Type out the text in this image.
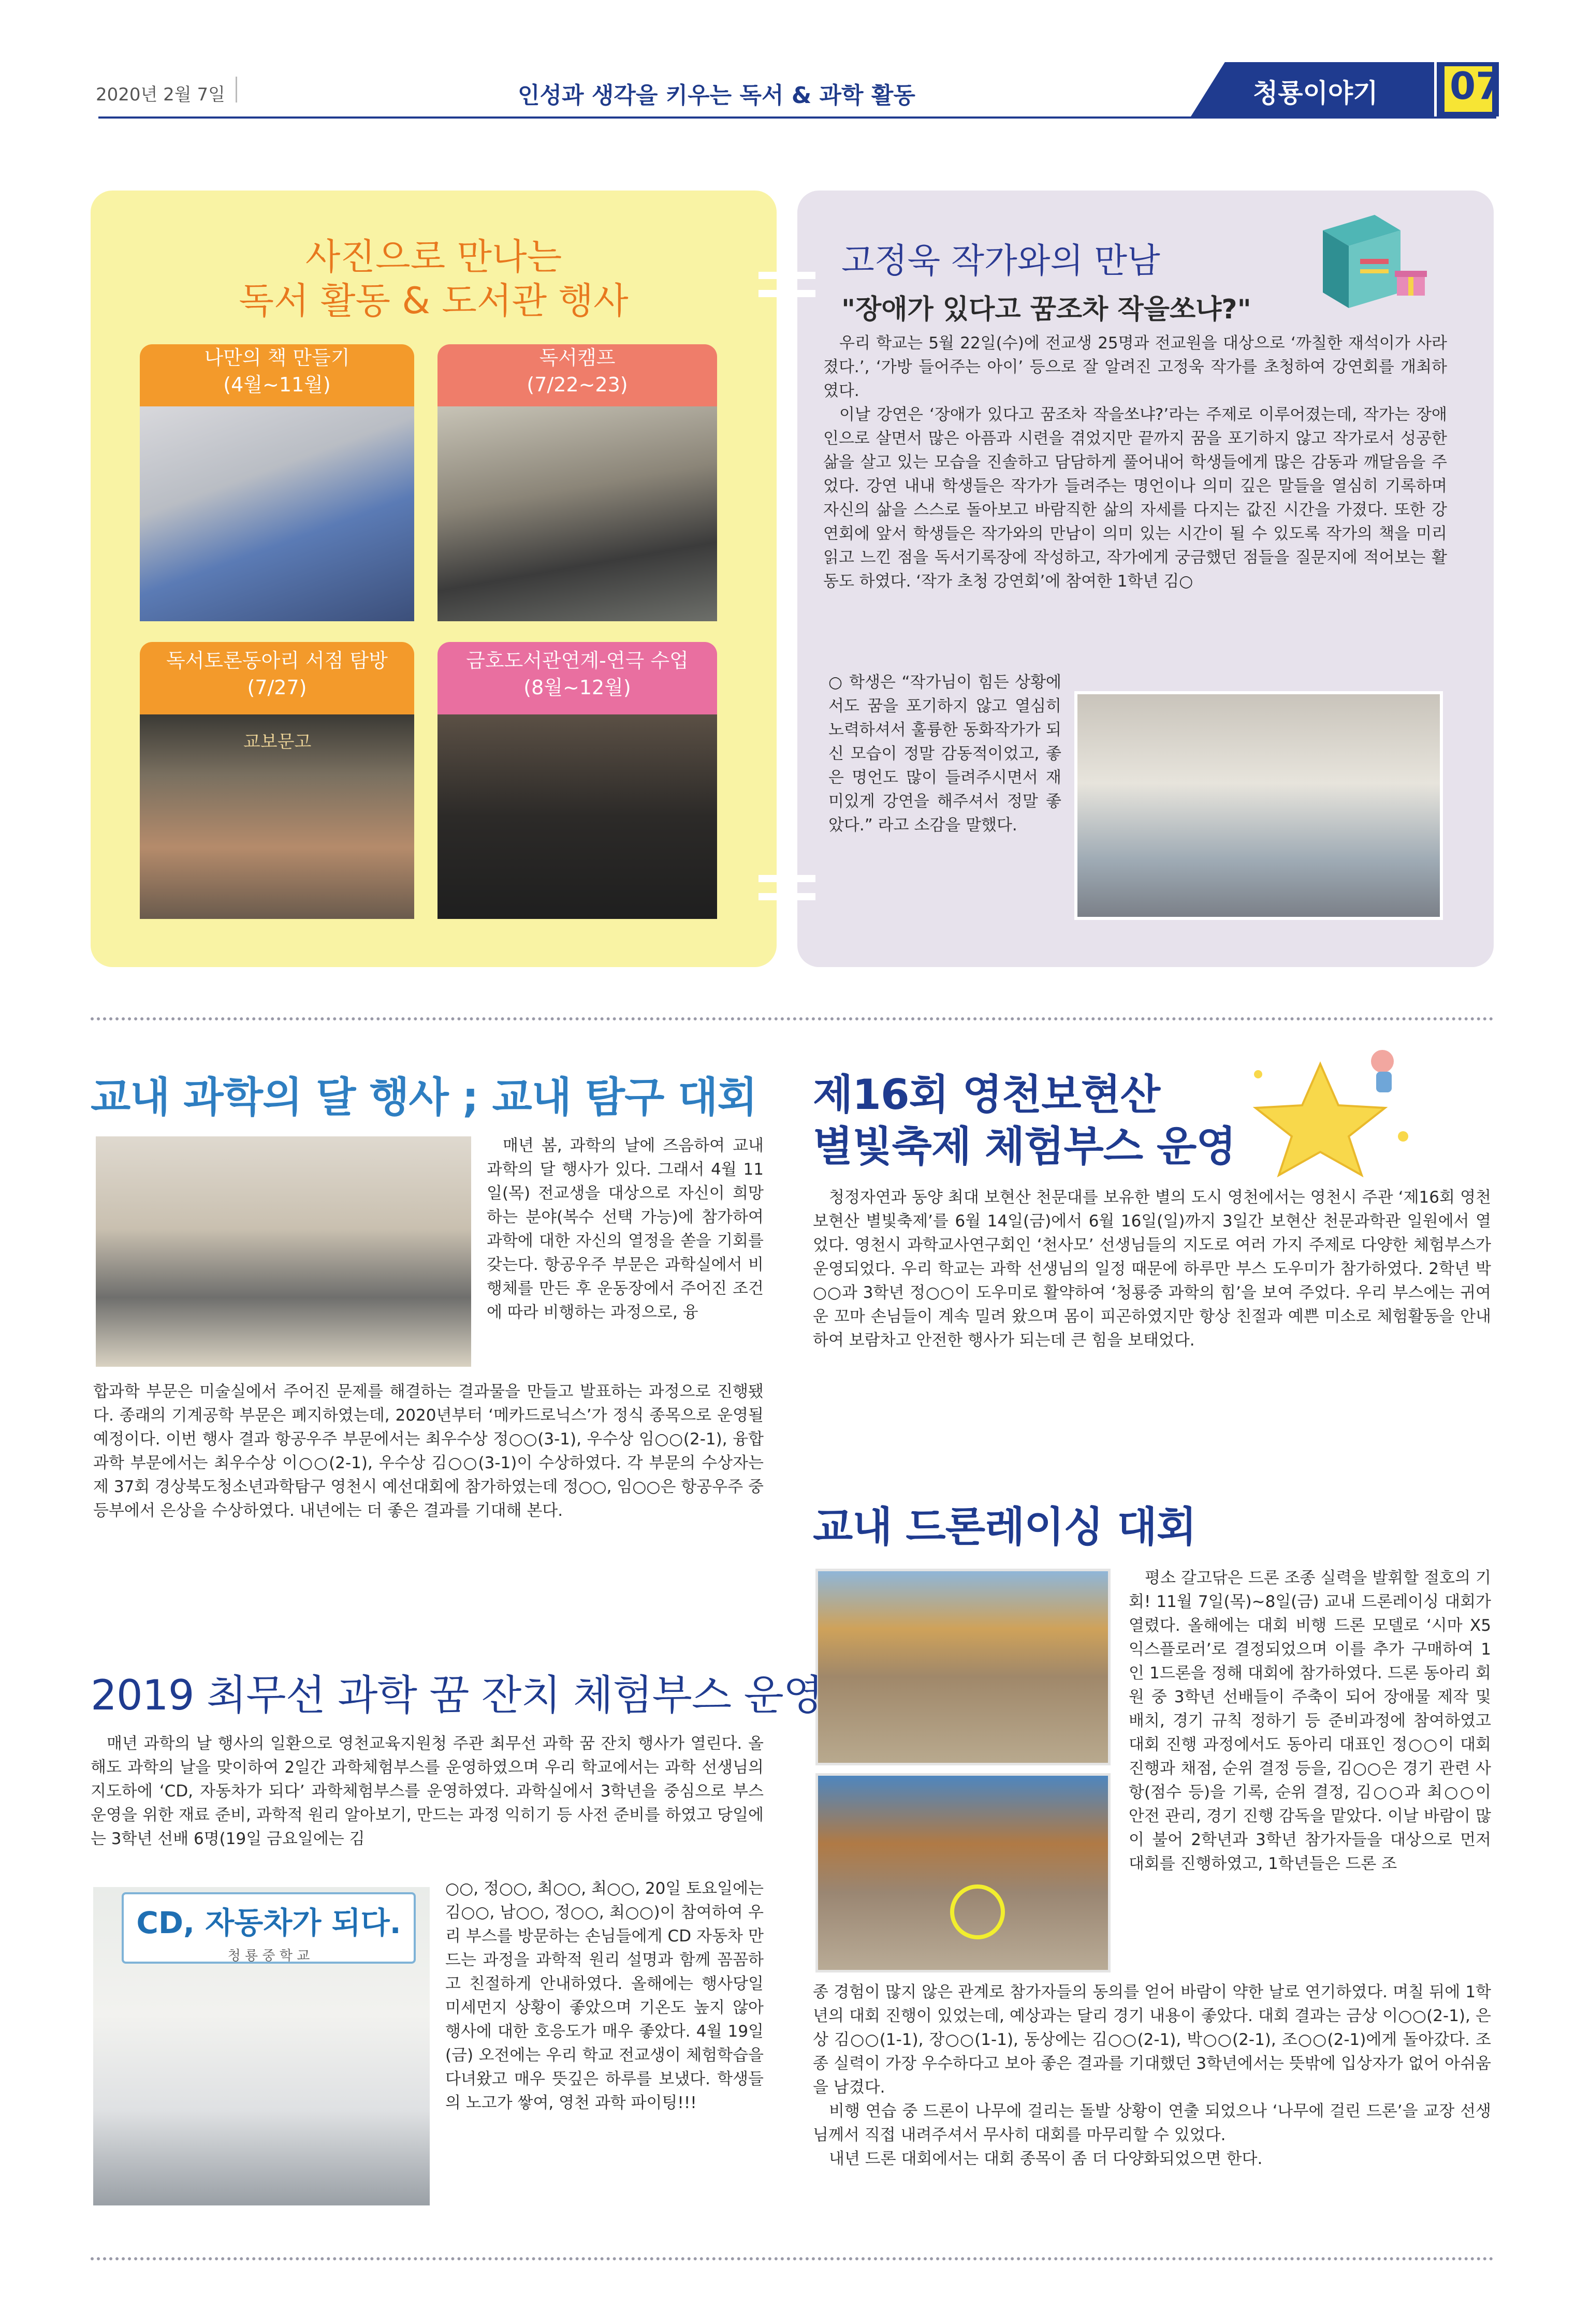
2020년 2월 7일	인성과 생각을 키우는 독서 & 과학 활동	청룡이야기 07
사진으로 만나는
독서 활동 & 도서관 행사
나만의 책 만들기
(4월~11월)
독서캠프
(7/22~23)
독서토론동아리 서점 탐방
(7/27)
교보문고
금호도서관연계-연극 수업
(8월~12월)
고정욱 작가와의 만남
"장애가 있다고 꿈조차 작을쏘냐?"

우리 학교는 5월 22일(수)에 전교생 25명과 전교원을 대상으로 ‘까칠한 재석이가 사라졌다.’, ‘가방 들어주는 아이’ 등으로 잘 알려진 고정욱 작가를 초청하여 강연회를 개최하였다.

이날 강연은 ‘장애가 있다고 꿈조차 작을쏘냐?’라는 주제로 이루어졌는데, 작가는 장애인으로 살면서 많은 아픔과 시련을 겪었지만 끝까지 꿈을 포기하지 않고 작가로서 성공한 삶을 살고 있는 모습을 진솔하고 담담하게 풀어내어 학생들에게 많은 감동과 깨달음을 주었다. 강연 내내 학생들은 작가가 들려주는 명언이나 의미 깊은 말들을 열심히 기록하며 자신의 삶을 스스로 돌아보고 바람직한 삶의 자세를 다지는 값진 시간을 가졌다. 또한 강연회에 앞서 학생들은 작가와의 만남이 의미 있는 시간이 될 수 있도록 작가의 책을 미리 읽고 느낀 점을 독서기록장에 작성하고, 작가에게 궁금했던 점들을 질문지에 적어보는 활동도 하였다. ‘작가 초청 강연회’에 참여한 1학년 김○

○ 학생은 “작가님이 힘든 상황에서도 꿈을 포기하지 않고 열심히 노력하셔서 훌륭한 동화작가가 되신 모습이 정말 감동적이었고, 좋은 명언도 많이 들려주시면서 재미있게 강연을 해주셔서 정말 좋았다.” 라고 소감을 말했다.

교내 과학의 달 행사 ; 교내 탐구 대회

매년 봄, 과학의 날에 즈음하여 교내 과학의 달 행사가 있다. 그래서 4월 11일(목) 전교생을 대상으로 자신이 희망하는 분야(복수 선택 가능)에 참가하여 과학에 대한 자신의 열정을 쏟을 기회를 갖는다. 항공우주 부문은 과학실에서 비행체를 만든 후 운동장에서 주어진 조건에 따라 비행하는 과정으로, 융

합과학 부문은 미술실에서 주어진 문제를 해결하는 결과물을 만들고 발표하는 과정으로 진행됐다. 종래의 기계공학 부문은 폐지하였는데, 2020년부터 ‘메카드로닉스’가 정식 종목으로 운영될 예정이다. 이번 행사 결과 항공우주 부문에서는 최우수상 정○○(3-1), 우수상 임○○(2-1), 융합과학 부문에서는 최우수상 이○○(2-1), 우수상 김○○(3-1)이 수상하였다. 각 부문의 수상자는 제 37회 경상북도청소년과학탐구 영천시 예선대회에 참가하였는데 정○○, 임○○은 항공우주 중등부에서 은상을 수상하였다. 내년에는 더 좋은 결과를 기대해 본다.

제16회 영천보현산
별빛축제 체험부스 운영

청정자연과 동양 최대 보현산 천문대를 보유한 별의 도시 영천에서는 영천시 주관 ‘제16회 영천보현산 별빛축제’를 6월 14일(금)에서 6월 16일(일)까지 3일간 보현산 천문과학관 일원에서 열었다. 영천시 과학교사연구회인 ‘천사모’ 선생님들의 지도로 여러 가지 주제로 다양한 체험부스가 운영되었다. 우리 학교는 과학 선생님의 일정 때문에 하루만 부스 도우미가 참가하였다. 2학년 박○○과 3학년 정○○이 도우미로 활약하여 ‘청룡중 과학의 힘’을 보여 주었다. 우리 부스에는 귀여운 꼬마 손님들이 계속 밀려 왔으며 몸이 피곤하였지만 항상 친절과 예쁜 미소로 체험활동을 안내하여 보람차고 안전한 행사가 되는데 큰 힘을 보태었다.

교내 드론레이싱 대회

평소 갈고닦은 드론 조종 실력을 발휘할 절호의 기회! 11월 7일(목)~8일(금) 교내 드론레이싱 대회가 열렸다. 올해에는 대회 비행 드론 모델로 ‘시마 X5 익스플로러’로 결정되었으며 이를 추가 구매하여 1인 1드론을 정해 대회에 참가하였다. 드론 동아리 회원 중 3학년 선배들이 주축이 되어 장애물 제작 및 배치, 경기 규칙 정하기 등 준비과정에 참여하였고 대회 진행 과정에서도 동아리 대표인 정○○이 대회 진행과 채점, 순위 결정 등을, 김○○은 경기 관련 사항(점수 등)을 기록, 순위 결정, 김○○과 최○○이 안전 관리, 경기 진행 감독을 맡았다. 이날 바람이 많이 불어 2학년과 3학년 참가자들을 대상으로 먼저 대회를 진행하였고, 1학년들은 드론 조

종 경험이 많지 않은 관계로 참가자들의 동의를 얻어 바람이 약한 날로 연기하였다. 며칠 뒤에 1학년의 대회 진행이 있었는데, 예상과는 달리 경기 내용이 좋았다. 대회 결과는 금상 이○○(2-1), 은상 김○○(1-1), 장○○(1-1), 동상에는 김○○(2-1), 박○○(2-1), 조○○(2-1)에게 돌아갔다. 조종 실력이 가장 우수하다고 보아 좋은 결과를 기대했던 3학년에서는 뜻밖에 입상자가 없어 아쉬움을 남겼다.

비행 연습 중 드론이 나무에 걸리는 돌발 상황이 연출 되었으나 ‘나무에 걸린 드론’을 교장 선생님께서 직접 내려주셔서 무사히 대회를 마무리할 수 있었다.

내년 드론 대회에서는 대회 종목이 좀 더 다양화되었으면 한다.

2019 최무선 과학 꿈 잔치 체험부스 운영

매년 과학의 날 행사의 일환으로 영천교육지원청 주관 최무선 과학 꿈 잔치 행사가 열린다. 올해도 과학의 날을 맞이하여 2일간 과학체험부스를 운영하였으며 우리 학교에서는 과학 선생님의 지도하에 ‘CD, 자동차가 되다’ 과학체험부스를 운영하였다. 과학실에서 3학년을 중심으로 부스 운영을 위한 재료 준비, 과학적 원리 알아보기, 만드는 과정 익히기 등 사전 준비를 하였고 당일에는 3학년 선배 6명(19일 금요일에는 김

CD, 자동차가 되다.
청 룡 중 학 교

○○, 정○○, 최○○, 최○○, 20일 토요일에는 김○○, 남○○, 정○○, 최○○)이 참여하여 우리 부스를 방문하는 손님들에게 CD 자동차 만드는 과정을 과학적 원리 설명과 함께 꼼꼼하고 친절하게 안내하였다. 올해에는 행사당일 미세먼지 상황이 좋았으며 기온도 높지 않아 행사에 대한 호응도가 매우 좋았다. 4월 19일(금) 오전에는 우리 학교 전교생이 체험학습을 다녀왔고 매우 뜻깊은 하루를 보냈다. 학생들의 노고가 쌓여, 영천 과학 파이팅!!!
